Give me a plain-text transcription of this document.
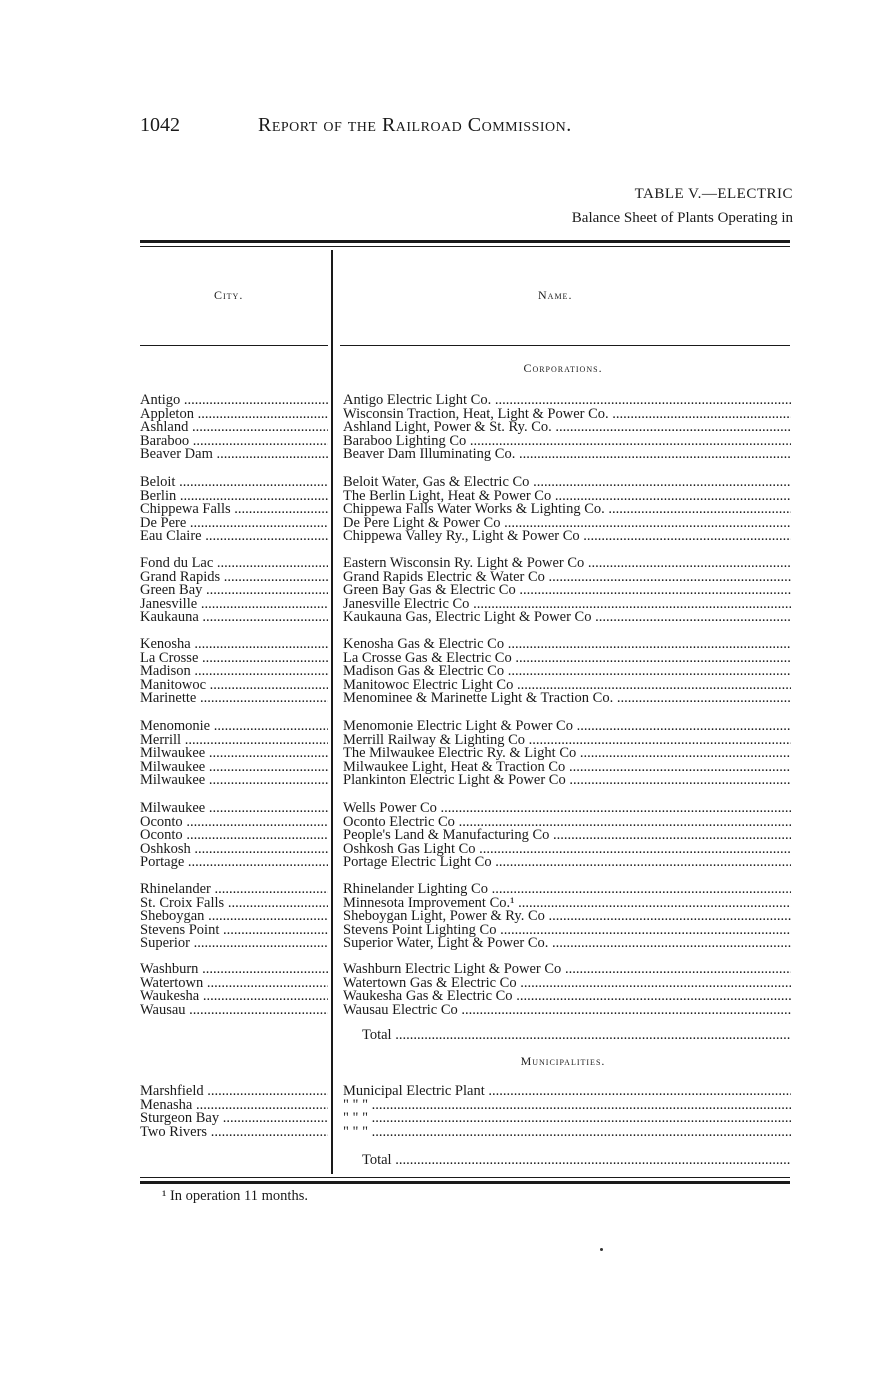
1042	Report of the Railroad Commission.
TABLE V.—ELECTRIC
Balance Sheet of Plants Operating in
City.	Name.
Corporations.
Antigo .....	Antigo Electric Light Co. .....
Appleton .....	Wisconsin Traction, Heat, Light & Power Co. .....
Ashland .....	Ashland Light, Power & St. Ry. Co. .....
Baraboo .....	Baraboo Lighting Co .....
Beaver Dam .....	Beaver Dam Illuminating Co. .....
Beloit .....	Beloit Water, Gas & Electric Co .....
Berlin .....	The Berlin Light, Heat & Power Co .....
Chippewa Falls .....	Chippewa Falls Water Works & Lighting Co. .....
De Pere .....	De Pere Light & Power Co .....
Eau Claire .....	Chippewa Valley Ry., Light & Power Co .....
Fond du Lac .....	Eastern Wisconsin Ry. Light & Power Co .....
Grand Rapids .....	Grand Rapids Electric & Water Co .....
Green Bay .....	Green Bay Gas & Electric Co .....
Janesville .....	Janesville Electric Co .....
Kaukauna .....	Kaukauna Gas, Electric Light & Power Co .....
Kenosha .....	Kenosha Gas & Electric Co .....
La Crosse .....	La Crosse Gas & Electric Co .....
Madison .....	Madison Gas & Electric Co .....
Manitowoc .....	Manitowoc Electric Light Co .....
Marinette .....	Menominee & Marinette Light & Traction Co. .....
Menomonie .....	Menomonie Electric Light & Power Co .....
Merrill .....	Merrill Railway & Lighting Co .....
Milwaukee .....	The Milwaukee Electric Ry. & Light Co .....
Milwaukee .....	Milwaukee Light, Heat & Traction Co .....
Milwaukee .....	Plankinton Electric Light & Power Co .....
Milwaukee .....	Wells Power Co .....
Oconto .....	Oconto Electric Co .....
Oconto .....	People's Land & Manufacturing Co .....
Oshkosh .....	Oshkosh Gas Light Co .....
Portage .....	Portage Electric Light Co .....
Rhinelander .....	Rhinelander Lighting Co .....
St. Croix Falls .....	Minnesota Improvement Co.¹ .....
Sheboygan .....	Sheboygan Light, Power & Ry. Co .....
Stevens Point .....	Stevens Point Lighting Co .....
Superior .....	Superior Water, Light & Power Co. .....
Washburn .....	Washburn Electric Light & Power Co .....
Watertown .....	Watertown Gas & Electric Co .....
Waukesha .....	Waukesha Gas & Electric Co .....
Wausau .....	Wausau Electric Co .....
Total .....
Municipalities.
Marshfield .....	Municipal Electric Plant .....
Menasha .....	" " " .....
Sturgeon Bay .....	" " " .....
Two Rivers .....	" " " .....
Total .....
¹ In operation 11 months.
